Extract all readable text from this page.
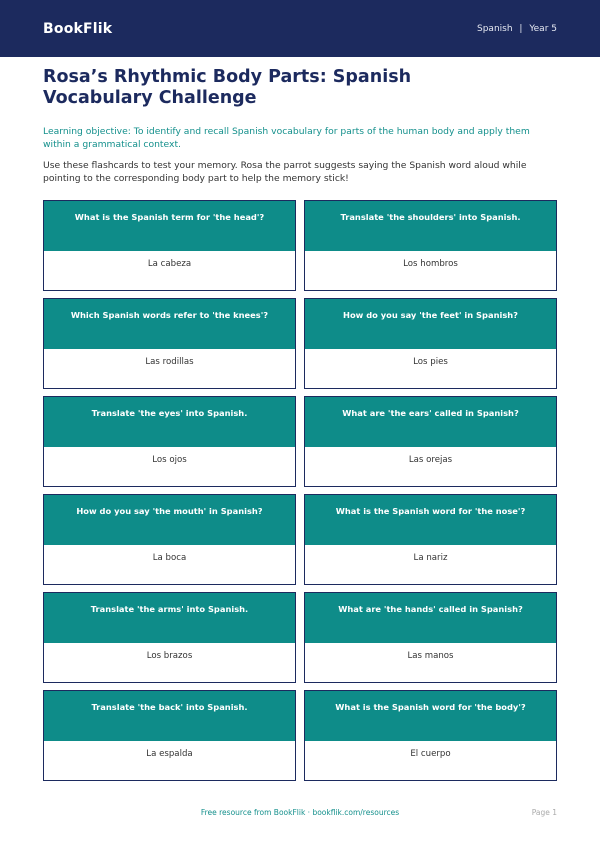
BookFlik	Spanish | Year 5
Rosa’s Rhythmic Body Parts: Spanish Vocabulary Challenge

Learning objective: To identify and recall Spanish vocabulary for parts of the human body and apply them within a grammatical context.

Use these flashcards to test your memory. Rosa the parrot suggests saying the Spanish word aloud while pointing to the corresponding body part to help the memory stick!

What is the Spanish term for 'the head'?
La cabeza
Translate 'the shoulders' into Spanish.
Los hombros
Which Spanish words refer to 'the knees'?
Las rodillas
How do you say 'the feet' in Spanish?
Los pies
Translate 'the eyes' into Spanish.
Los ojos
What are 'the ears' called in Spanish?
Las orejas
How do you say 'the mouth' in Spanish?
La boca
What is the Spanish word for 'the nose'?
La nariz
Translate 'the arms' into Spanish.
Los brazos
What are 'the hands' called in Spanish?
Las manos
Translate 'the back' into Spanish.
La espalda
What is the Spanish word for 'the body'?
El cuerpo
Free resource from BookFlik · bookflik.com/resources	Page 1
